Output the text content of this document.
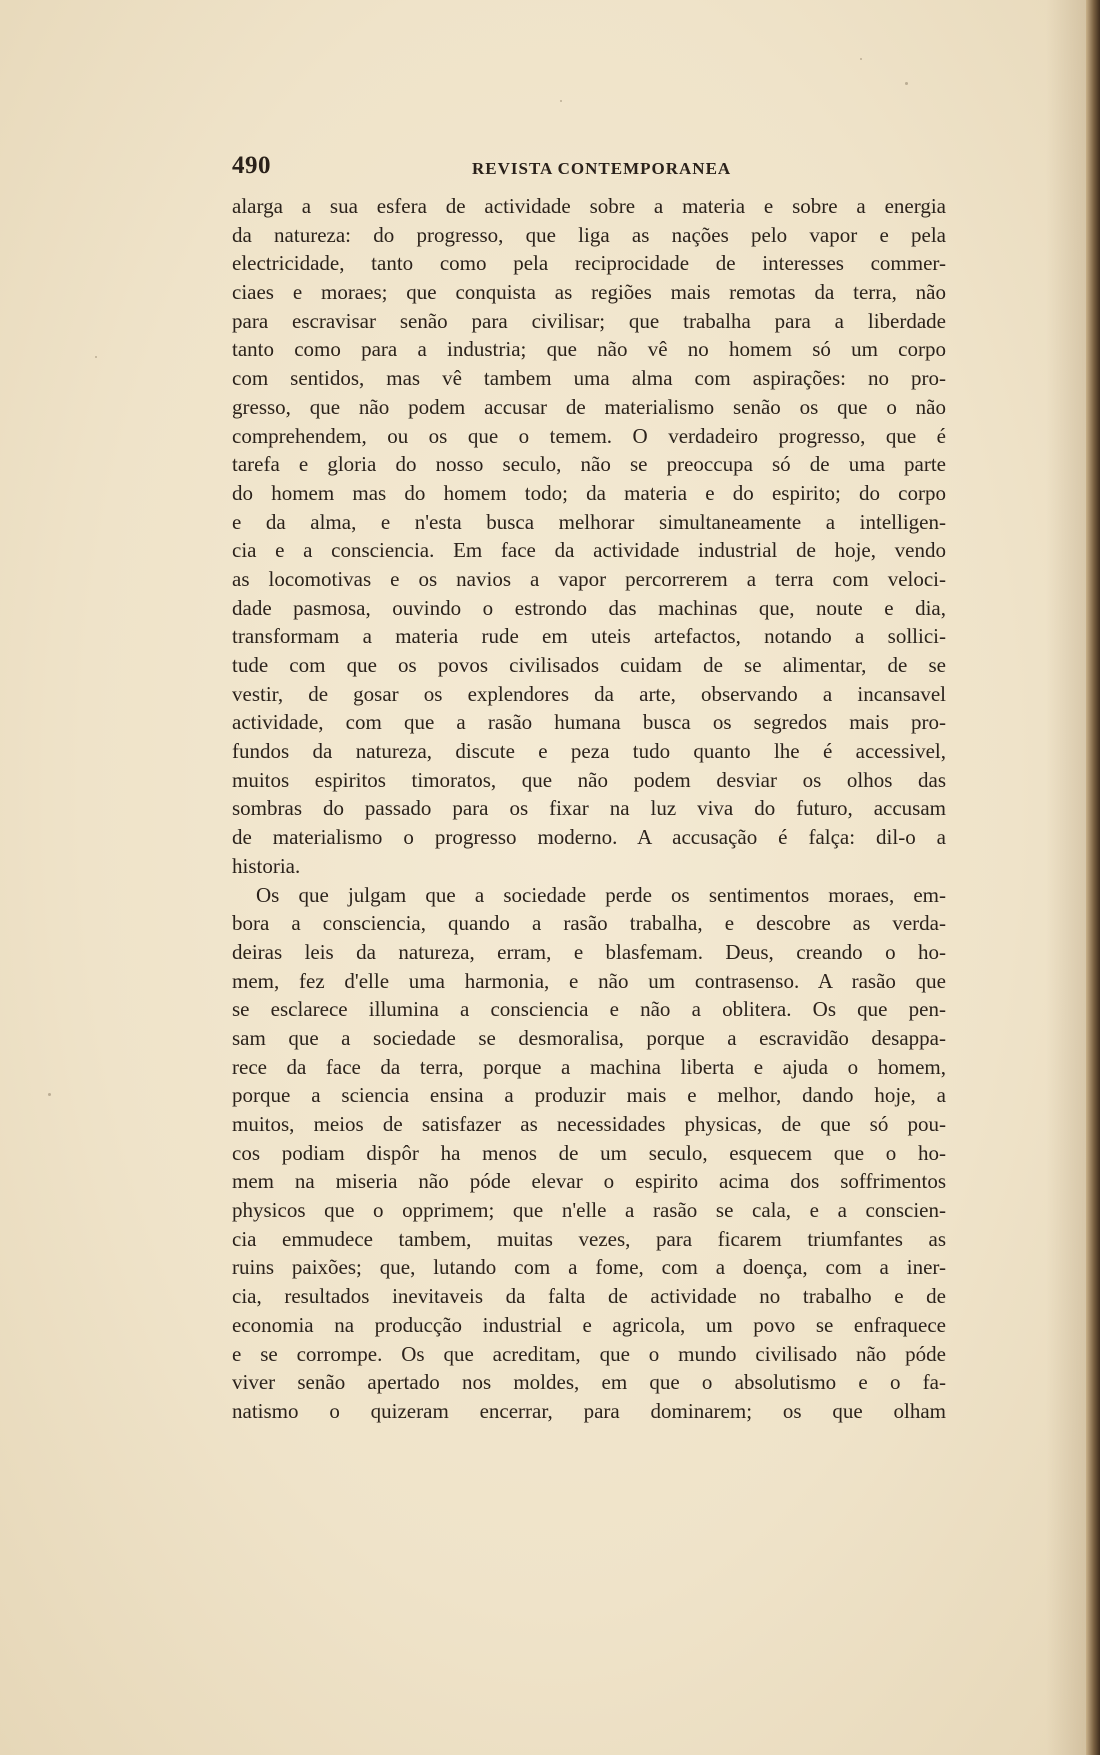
490	REVISTA CONTEMPORANEA
alarga a sua esfera de actividade sobre a materia e sobre a energia
da natureza: do progresso, que liga as nações pelo vapor e pela
electricidade, tanto como pela reciprocidade de interesses commer-
ciaes e moraes; que conquista as regiões mais remotas da terra, não
para escravisar senão para civilisar; que trabalha para a liberdade
tanto como para a industria; que não vê no homem só um corpo
com sentidos, mas vê tambem uma alma com aspirações: no pro-
gresso, que não podem accusar de materialismo senão os que o não
comprehendem, ou os que o temem. O verdadeiro progresso, que é
tarefa e gloria do nosso seculo, não se preoccupa só de uma parte
do homem mas do homem todo; da materia e do espirito; do corpo
e da alma, e n'esta busca melhorar simultaneamente a intelligen-
cia e a consciencia. Em face da actividade industrial de hoje, vendo
as locomotivas e os navios a vapor percorrerem a terra com veloci-
dade pasmosa, ouvindo o estrondo das machinas que, noute e dia,
transformam a materia rude em uteis artefactos, notando a sollici-
tude com que os povos civilisados cuidam de se alimentar, de se
vestir, de gosar os explendores da arte, observando a incansavel
actividade, com que a rasão humana busca os segredos mais pro-
fundos da natureza, discute e peza tudo quanto lhe é accessivel,
muitos espiritos timoratos, que não podem desviar os olhos das
sombras do passado para os fixar na luz viva do futuro, accusam
de materialismo o progresso moderno. A accusação é falça: dil-o a
historia.
Os que julgam que a sociedade perde os sentimentos moraes, em-
bora a consciencia, quando a rasão trabalha, e descobre as verda-
deiras leis da natureza, erram, e blasfemam. Deus, creando o ho-
mem, fez d'elle uma harmonia, e não um contrasenso. A rasão que
se esclarece illumina a consciencia e não a oblitera. Os que pen-
sam que a sociedade se desmoralisa, porque a escravidão desappa-
rece da face da terra, porque a machina liberta e ajuda o homem,
porque a sciencia ensina a produzir mais e melhor, dando hoje, a
muitos, meios de satisfazer as necessidades physicas, de que só pou-
cos podiam dispôr ha menos de um seculo, esquecem que o ho-
mem na miseria não póde elevar o espirito acima dos soffrimentos
physicos que o opprimem; que n'elle a rasão se cala, e a conscien-
cia emmudece tambem, muitas vezes, para ficarem triumfantes as
ruins paixões; que, lutando com a fome, com a doença, com a iner-
cia, resultados inevitaveis da falta de actividade no trabalho e de
economia na producção industrial e agricola, um povo se enfraquece
e se corrompe. Os que acreditam, que o mundo civilisado não póde
viver senão apertado nos moldes, em que o absolutismo e o fa-
natismo o quizeram encerrar, para dominarem; os que olham
